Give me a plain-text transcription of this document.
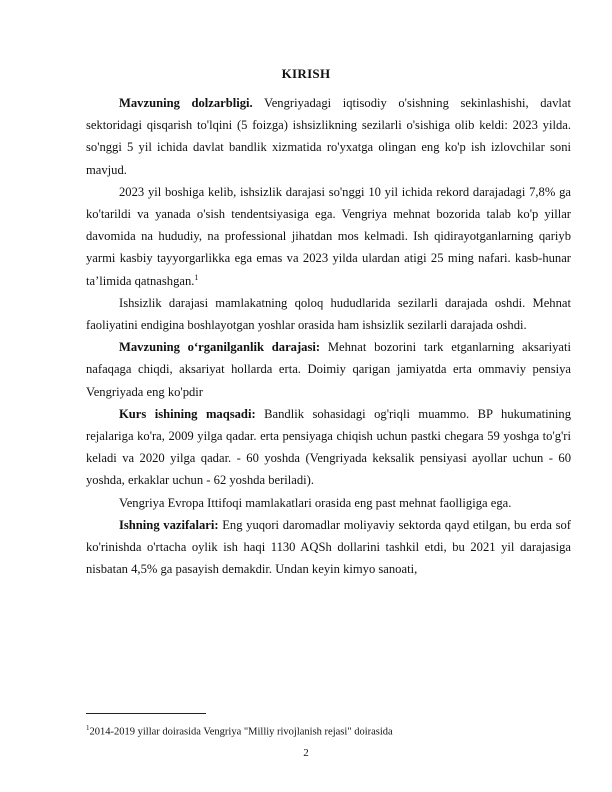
KIRISH

Mavzuning dolzarbligi. Vengriyadagi iqtisodiy o'sishning sekinlashishi, davlat sektoridagi qisqarish to'lqini (5 foizga) ishsizlikning sezilarli o'sishiga olib keldi: 2023 yilda. so'nggi 5 yil ichida davlat bandlik xizmatida ro'yxatga olingan eng ko'p ish izlovchilar soni mavjud.

2023 yil boshiga kelib, ishsizlik darajasi so'nggi 10 yil ichida rekord darajadagi 7,8% ga ko'tarildi va yanada o'sish tendentsiyasiga ega. Vengriya mehnat bozorida talab ko'p yillar davomida na hududiy, na professional jihatdan mos kelmadi. Ish qidirayotganlarning qariyb yarmi kasbiy tayyorgarlikka ega emas va 2023 yilda ulardan atigi 25 ming nafari. kasb-hunar ta’limida qatnashgan.$^1$

Ishsizlik darajasi mamlakatning qoloq hududlarida sezilarli darajada oshdi. Mehnat faoliyatini endigina boshlayotgan yoshlar orasida ham ishsizlik sezilarli darajada oshdi.

Mavzuning o‘rganilganlik darajasi: Mehnat bozorini tark etganlarning aksariyati nafaqaga chiqdi, aksariyat hollarda erta. Doimiy qarigan jamiyatda erta ommaviy pensiya Vengriyada eng ko'pdir

Kurs ishining maqsadi: Bandlik sohasidagi og'riqli muammo. BP hukumatining rejalariga ko'ra, 2009 yilga qadar. erta pensiyaga chiqish uchun pastki chegara 59 yoshga to'g'ri keladi va 2020 yilga qadar. - 60 yoshda (Vengriyada keksalik pensiyasi ayollar uchun - 60 yoshda, erkaklar uchun - 62 yoshda beriladi).

Vengriya Evropa Ittifoqi mamlakatlari orasida eng past mehnat faolligiga ega.

Ishning vazifalari: Eng yuqori daromadlar moliyaviy sektorda qayd etilgan, bu erda sof ko'rinishda o'rtacha oylik ish haqi 1130 AQSh dollarini tashkil etdi, bu 2021 yil darajasiga nisbatan 4,5% ga pasayish demakdir. Undan keyin kimyo sanoati,

$^1$2014-2019 yillar doirasida Vengriya "Milliy rivojlanish rejasi" doirasida
2
